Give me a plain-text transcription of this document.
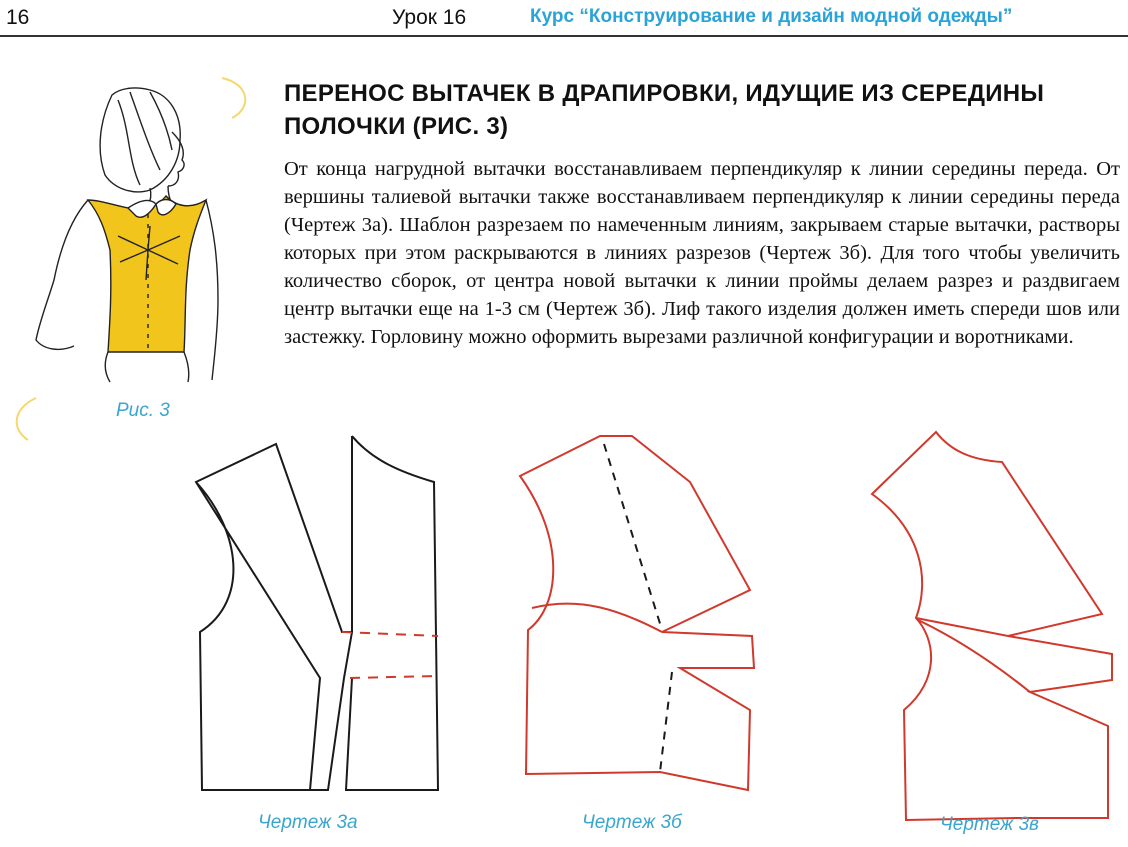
16	Урок 16	Курс “Конструирование и дизайн модной одежды”
ПЕРЕНОС ВЫТАЧЕК В ДРАПИРОВКИ, ИДУЩИЕ ИЗ СЕРЕДИНЫ ПОЛОЧКИ (РИС. 3)

От конца нагрудной вытачки восстанавливаем перпендикуляр к линии середины переда. От вершины талиевой вытачки также восстанавливаем перпендикуляр к линии середины переда (Чертеж 3а). Шаблон разрезаем по намеченным линиям, закрываем старые вытачки, растворы которых при этом раскрываются в линиях разрезов (Чертеж 3б). Для того чтобы увеличить количество сборок, от центра новой вытачки к линии проймы делаем разрез и раздвигаем центр вытачки еще на 1-3 см (Чертеж 3б). Лиф такого изделия должен иметь спереди шов или застежку. Горловину можно оформить вырезами различной конфигурации и воротниками.

Рис. 3
Чертеж 3а	Чертеж 3б	Чертеж 3в
